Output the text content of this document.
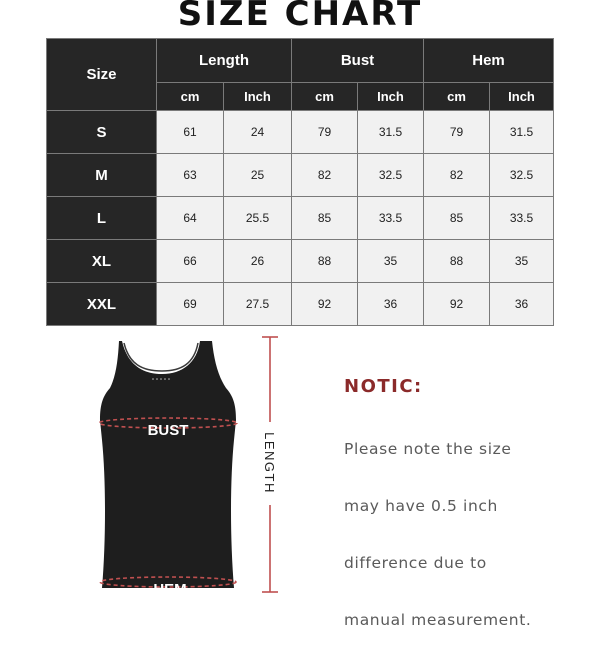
SIZE CHART
Size	Length		Bust		Hem	
	cm	Inch	cm	Inch	cm	Inch
S	61	24	79	31.5	79	31.5
M	63	25	82	32.5	82	32.5
L	64	25.5	85	33.5	85	33.5
XL	66	26	88	35	88	35
XXL	69	27.5	92	36	92	36
BUST
HEM
LENGTH
NOTIC:

Please note the size

may have 0.5 inch

difference due to

manual measurement.
